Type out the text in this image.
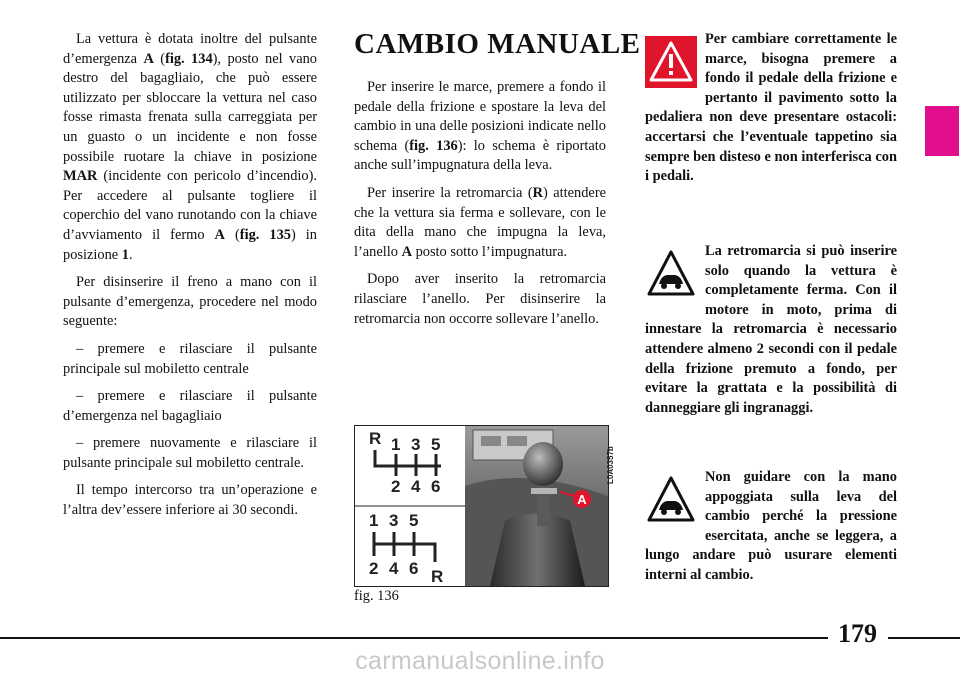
La vettura è dotata inoltre del pulsante d’emergenza A (fig. 134), posto nel vano destro del bagagliaio, che può essere utilizzato per sbloccare la vettura nel caso fosse rimasta frenata sulla carreggiata per un guasto o un incidente e non fosse possibile ruotare la chiave in posizione MAR (incidente con pericolo d’incendio). Per accedere al pulsante togliere il coperchio del vano runotando con la chiave d’avviamento il fermo A (fig. 135) in posizione 1.

Per disinserire il freno a mano con il pulsante d’emergenza, procedere nel modo seguente:

– premere e rilasciare il pulsante principale sul mobiletto centrale

– premere e rilasciare il pulsante d’emergenza nel bagagliaio

– premere nuovamente e rilasciare il pulsante principale sul mobiletto centrale.

Il tempo intercorso tra un’operazione e l’altra dev’essere inferiore ai 30 secondi.

CAMBIO MANUALE

Per inserire le marce, premere a fondo il pedale della frizione e spostare la leva del cambio in una delle posizioni indicate nello schema (fig. 136): lo schema è riportato anche sull’impugnatura della leva.

Per inserire la retromarcia (R) attendere che la vettura sia ferma e sollevare, con le dita della mano che impugna la leva, l’anello A posto sotto l’impugnatura.

Dopo aver inserito la retromarcia rilasciare l’anello. Per disinserire la retromarcia non occorre sollevare l’anello.

A
R 1 3 5
2 4 6
1 3 5
2 4 6 R
L0A0357b
fig. 136
Per cambiare correttamente le marce, bisogna premere a fondo il pedale della frizione e pertanto il pavimento sotto la pedaliera non deve presentare ostacoli: accertarsi che l’eventuale tappetino sia sempre ben disteso e non interferisca con i pedali.
La retromarcia si può inserire solo quando la vettura è completamente ferma. Con il motore in moto, prima di innestare la retromarcia è necessario attendere almeno 2 secondi con il pedale della frizione premuto a fondo, per evitare la grattata e la possibilità di danneggiare gli ingranaggi.
Non guidare con la mano appoggiata sulla leva del cambio perché la pressione esercitata, anche se leggera, a lungo andare può usurare elementi interni al cambio.
179
carmanualsonline.info
